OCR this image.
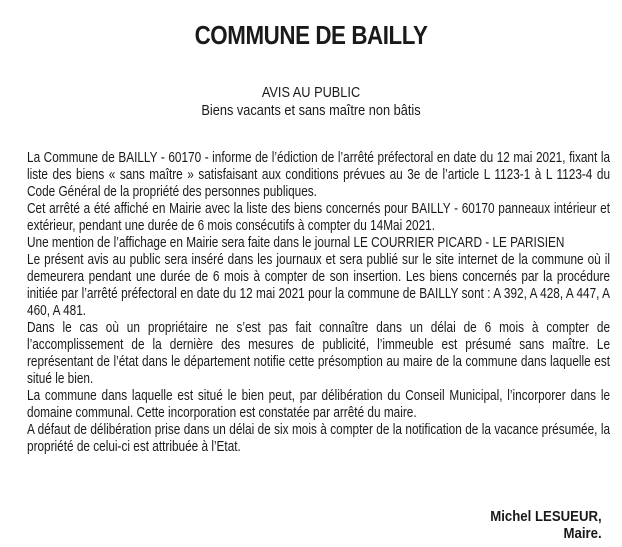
COMMUNE DE BAILLY
AVIS AU PUBLIC
Biens vacants et sans maître non bâtis

La Commune de BAILLY - 60170 - informe de l’édiction de l’arrêté préfectoral en date du 12 mai 2021, fixant la liste des biens « sans maître » satisfaisant aux conditions prévues au 3e de l’article L 1123-1 à L 1123-4 du Code Général de la propriété des personnes publiques.

Cet arrêté a été affiché en Mairie avec la liste des biens concernés pour BAILLY - 60170 panneaux intérieur et extérieur, pendant une durée de 6 mois consécutifs à compter du 14Mai 2021.

Une mention de l’affichage en Mairie sera faite dans le journal LE COURRIER PICARD - LE PARISIEN

Le présent avis au public sera inséré dans les journaux et sera publié sur le site internet de la commune où il demeurera pendant une durée de 6 mois à compter de son insertion. Les biens concernés par la procédure initiée par l’arrêté préfectoral en date du 12 mai 2021 pour la commune de BAILLY sont : A 392, A 428, A 447, A 460, A 481.

Dans le cas où un propriétaire ne s’est pas fait connaître dans un délai de 6 mois à compter de l’accomplissement de la dernière des mesures de publicité, l’immeuble est présumé sans maître. Le représentant de l’état dans le département notifie cette présomption au maire de la commune dans laquelle est situé le bien.

La commune dans laquelle est situé le bien peut, par délibération du Conseil Municipal, l’incorporer dans le domaine communal. Cette incorporation est constatée par arrêté du maire.

A défaut de délibération prise dans un délai de six mois à compter de la notification de la vacance présumée, la propriété de celui-ci est attribuée à l’Etat.

Michel LESUEUR,
Maire.
